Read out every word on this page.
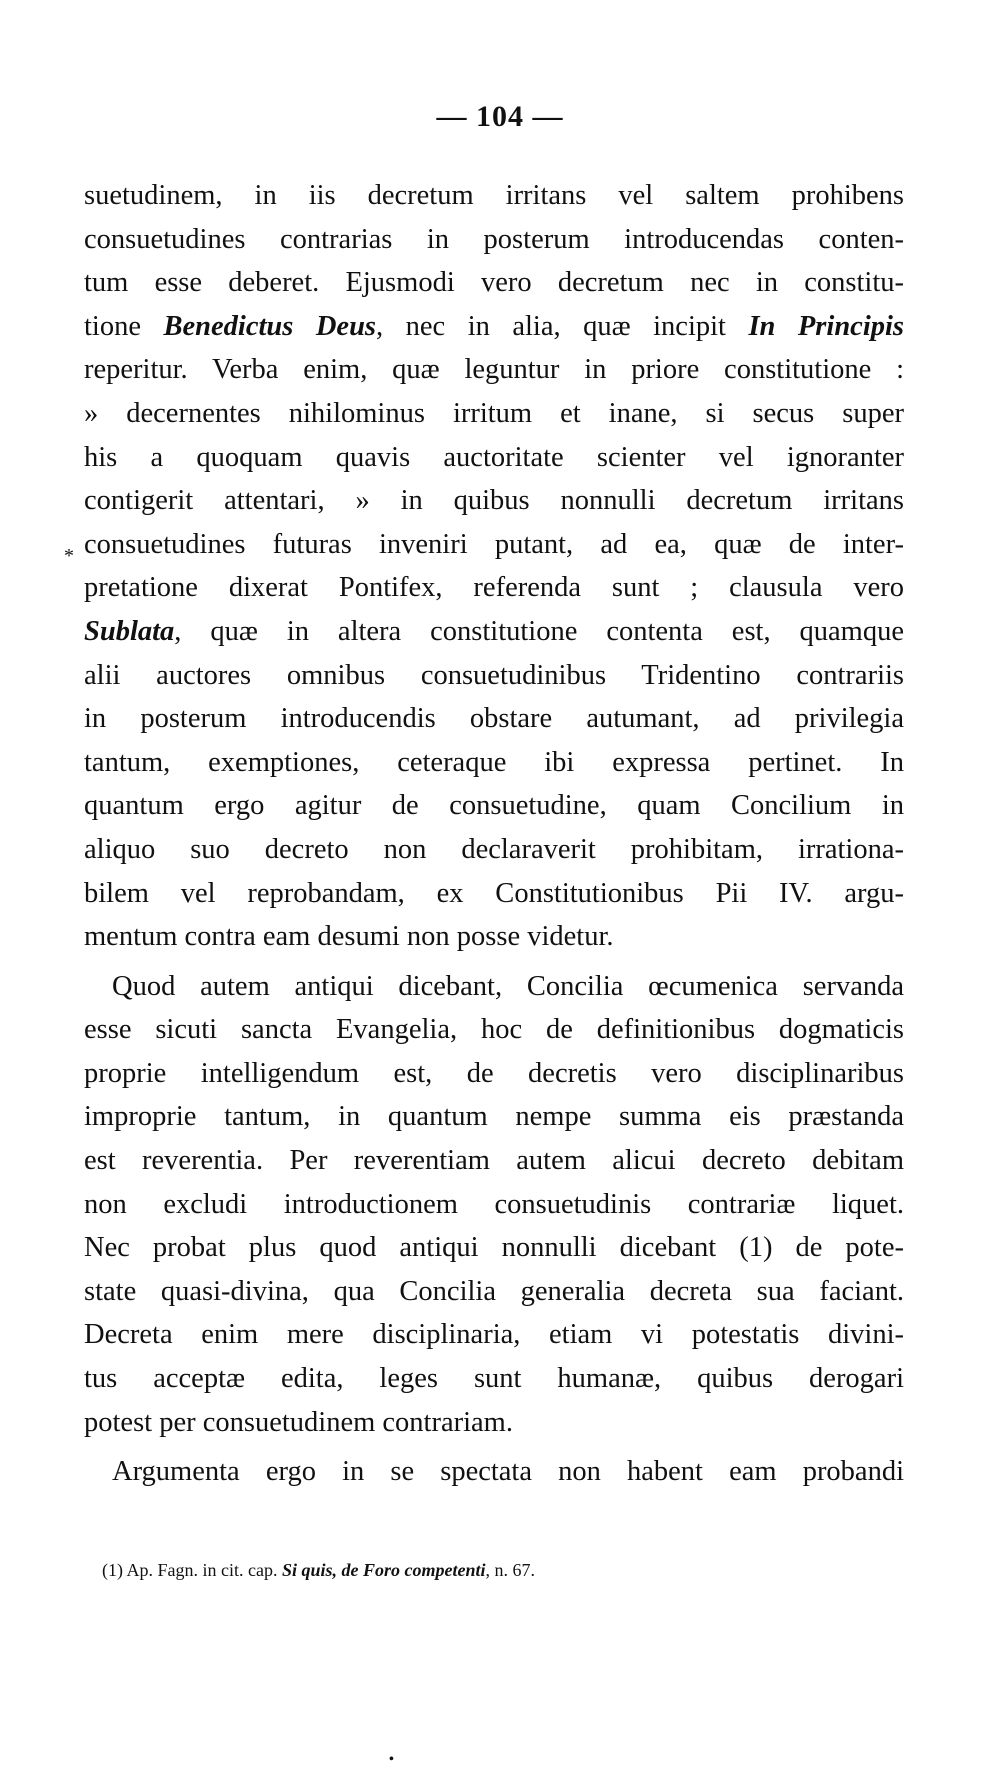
— 104 —
suetudinem, in iis decretum irritans vel saltem prohibens
consuetudines contrarias in posterum introducendas conten-
tum esse deberet. Ejusmodi vero decretum nec in constitu-
tione Benedictus Deus, nec in alia, quæ incipit In Principis
reperitur. Verba enim, quæ leguntur in priore constitutione :
» decernentes nihilominus irritum et inane, si secus super
his a quoquam quavis auctoritate scienter vel ignoranter
contigerit attentari, » in quibus nonnulli decretum irritans
consuetudines futuras inveniri putant, ad ea, quæ de inter-
pretatione dixerat Pontifex, referenda sunt ; clausula vero
Sublata, quæ in altera constitutione contenta est, quamque
alii auctores omnibus consuetudinibus Tridentino contrariis
in posterum introducendis obstare autumant, ad privilegia
tantum, exemptiones, ceteraque ibi expressa pertinet. In
quantum ergo agitur de consuetudine, quam Concilium in
aliquo suo decreto non declaraverit prohibitam, irrationa-
bilem vel reprobandam, ex Constitutionibus Pii IV. argu-
mentum contra eam desumi non posse videtur.
Quod autem antiqui dicebant, Concilia œcumenica servanda
esse sicuti sancta Evangelia, hoc de definitionibus dogmaticis
proprie intelligendum est, de decretis vero disciplinaribus
improprie tantum, in quantum nempe summa eis præstanda
est reverentia. Per reverentiam autem alicui decreto debitam
non excludi introductionem consuetudinis contrariæ liquet.
Nec probat plus quod antiqui nonnulli dicebant (1) de pote-
state quasi-divina, qua Concilia generalia decreta sua faciant.
Decreta enim mere disciplinaria, etiam vi potestatis divini-
tus acceptæ edita, leges sunt humanæ, quibus derogari
potest per consuetudinem contrariam.
Argumenta ergo in se spectata non habent eam probandi
*
(1) Ap. Fagn. in cit. cap. Si quis, de Foro competenti, n. 67.
•
